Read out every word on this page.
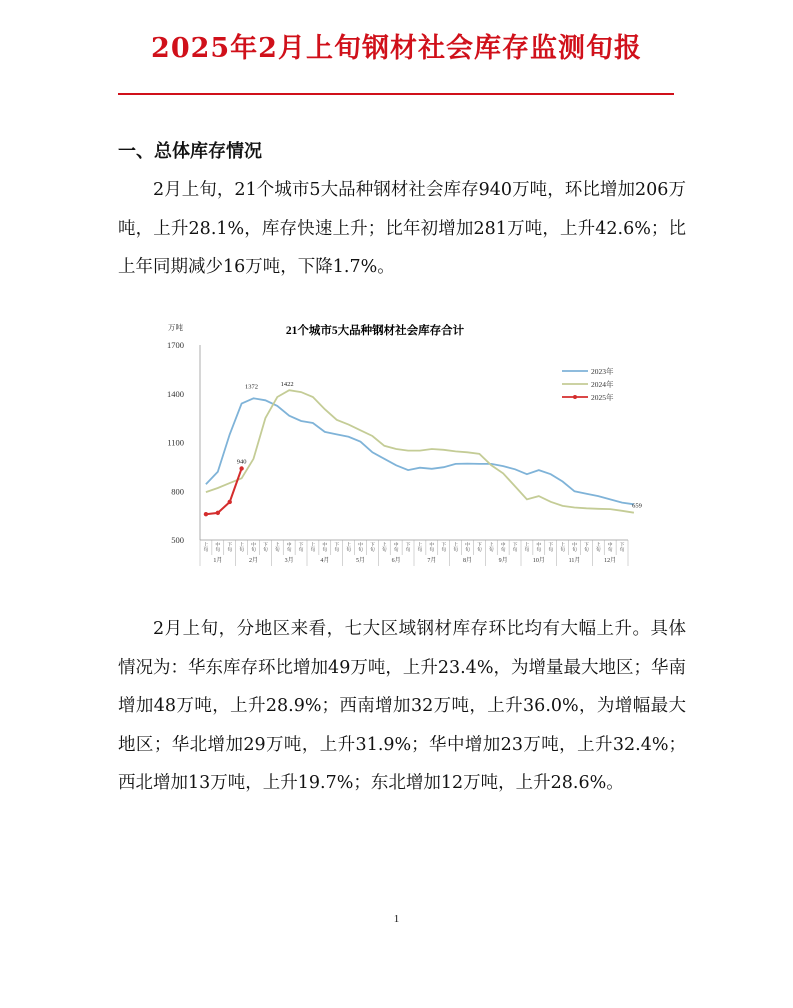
2025年2月上旬钢材社会库存监测旬报
一、总体库存情况

2月上旬，21个城市5大品种钢材社会库存940万吨，环比增加206万吨，上升28.1%，库存快速上升；比年初增加281万吨，上升42.6%；比上年同期减少16万吨，下降1.7%。

21个城市5大品种钢材社会库存合计
万吨
500
800
1100
1400
1700
上
旬
中
旬
下
旬
上
旬
中
旬
下
旬
上
旬
中
旬
下
旬
上
旬
中
旬
下
旬
上
旬
中
旬
下
旬
上
旬
中
旬
下
旬
上
旬
中
旬
下
旬
上
旬
中
旬
下
旬
上
旬
中
旬
下
旬
上
旬
中
旬
下
旬
上
旬
中
旬
下
旬
上
旬
中
旬
下
旬
1月	2月	3月	4月	5月	6月	7月	8月	9月	10月	11月	12月
2023年
2024年
2025年
1372	1422
940
659

2月上旬，分地区来看，七大区域钢材库存环比均有大幅上升。具体情况为：华东库存环比增加49万吨，上升23.4%，为增量最大地区；华南增加48万吨，上升28.9%；西南增加32万吨，上升36.0%，为增幅最大地区；华北增加29万吨，上升31.9%；华中增加23万吨，上升32.4%；西北增加13万吨，上升19.7%；东北增加12万吨，上升28.6%。

1
